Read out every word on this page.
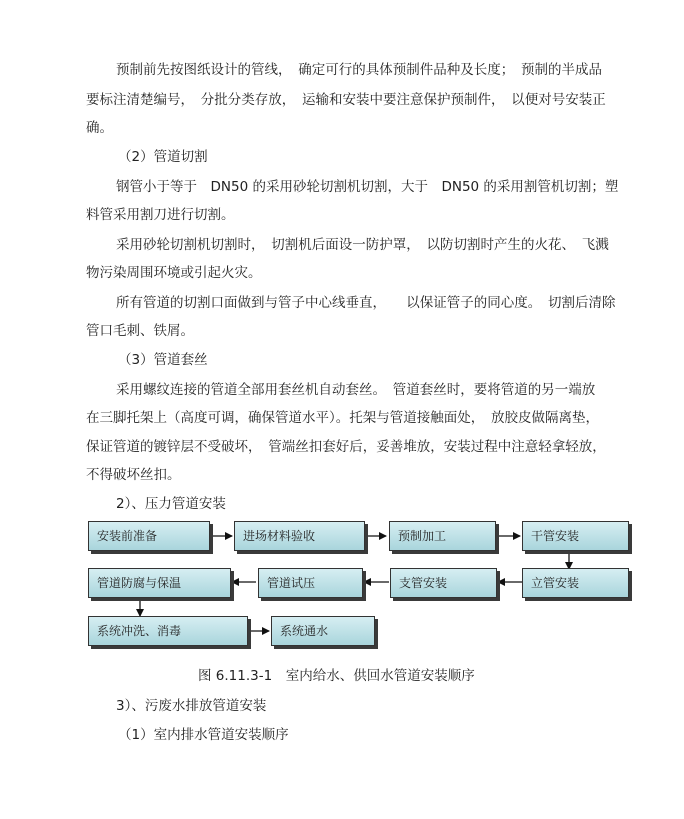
预制前先按图纸设计的管线，　确定可行的具体预制件品种及长度；　预制的半成品
要标注清楚编号，　分批分类存放，　运输和安装中要注意保护预制件，　以便对号安装正
确。
（2）管道切割
钢管小于等于　DN50 的采用砂轮切割机切割，大于　DN50 的采用割管机切割；塑
料管采用割刀进行切割。
采用砂轮切割机切割时，　切割机后面设一防护罩，　以防切割时产生的火花、　飞溅
物污染周围环境或引起火灾。
所有管道的切割口面做到与管子中心线垂直，　　以保证管子的同心度。　切割后清除
管口毛刺、铁屑。
（3）管道套丝
采用螺纹连接的管道全部用套丝机自动套丝。　管道套丝时，要将管道的另一端放
在三脚托架上（高度可调，确保管道水平）。托架与管道接触面处，　放胶皮做隔离垫，
保证管道的镀锌层不受破坏，　管端丝扣套好后，妥善堆放，安装过程中注意轻拿轻放，
不得破坏丝扣。
2）、压力管道安装
安装前准备	进场材料验收	预制加工	干管安装
立管安装
支管安装
管道试压
管道防腐与保温
系统冲洗、消毒	系统通水
图 6.11.3-1　室内给水、供回水管道安装顺序
3）、污废水排放管道安装
（1）室内排水管道安装顺序
